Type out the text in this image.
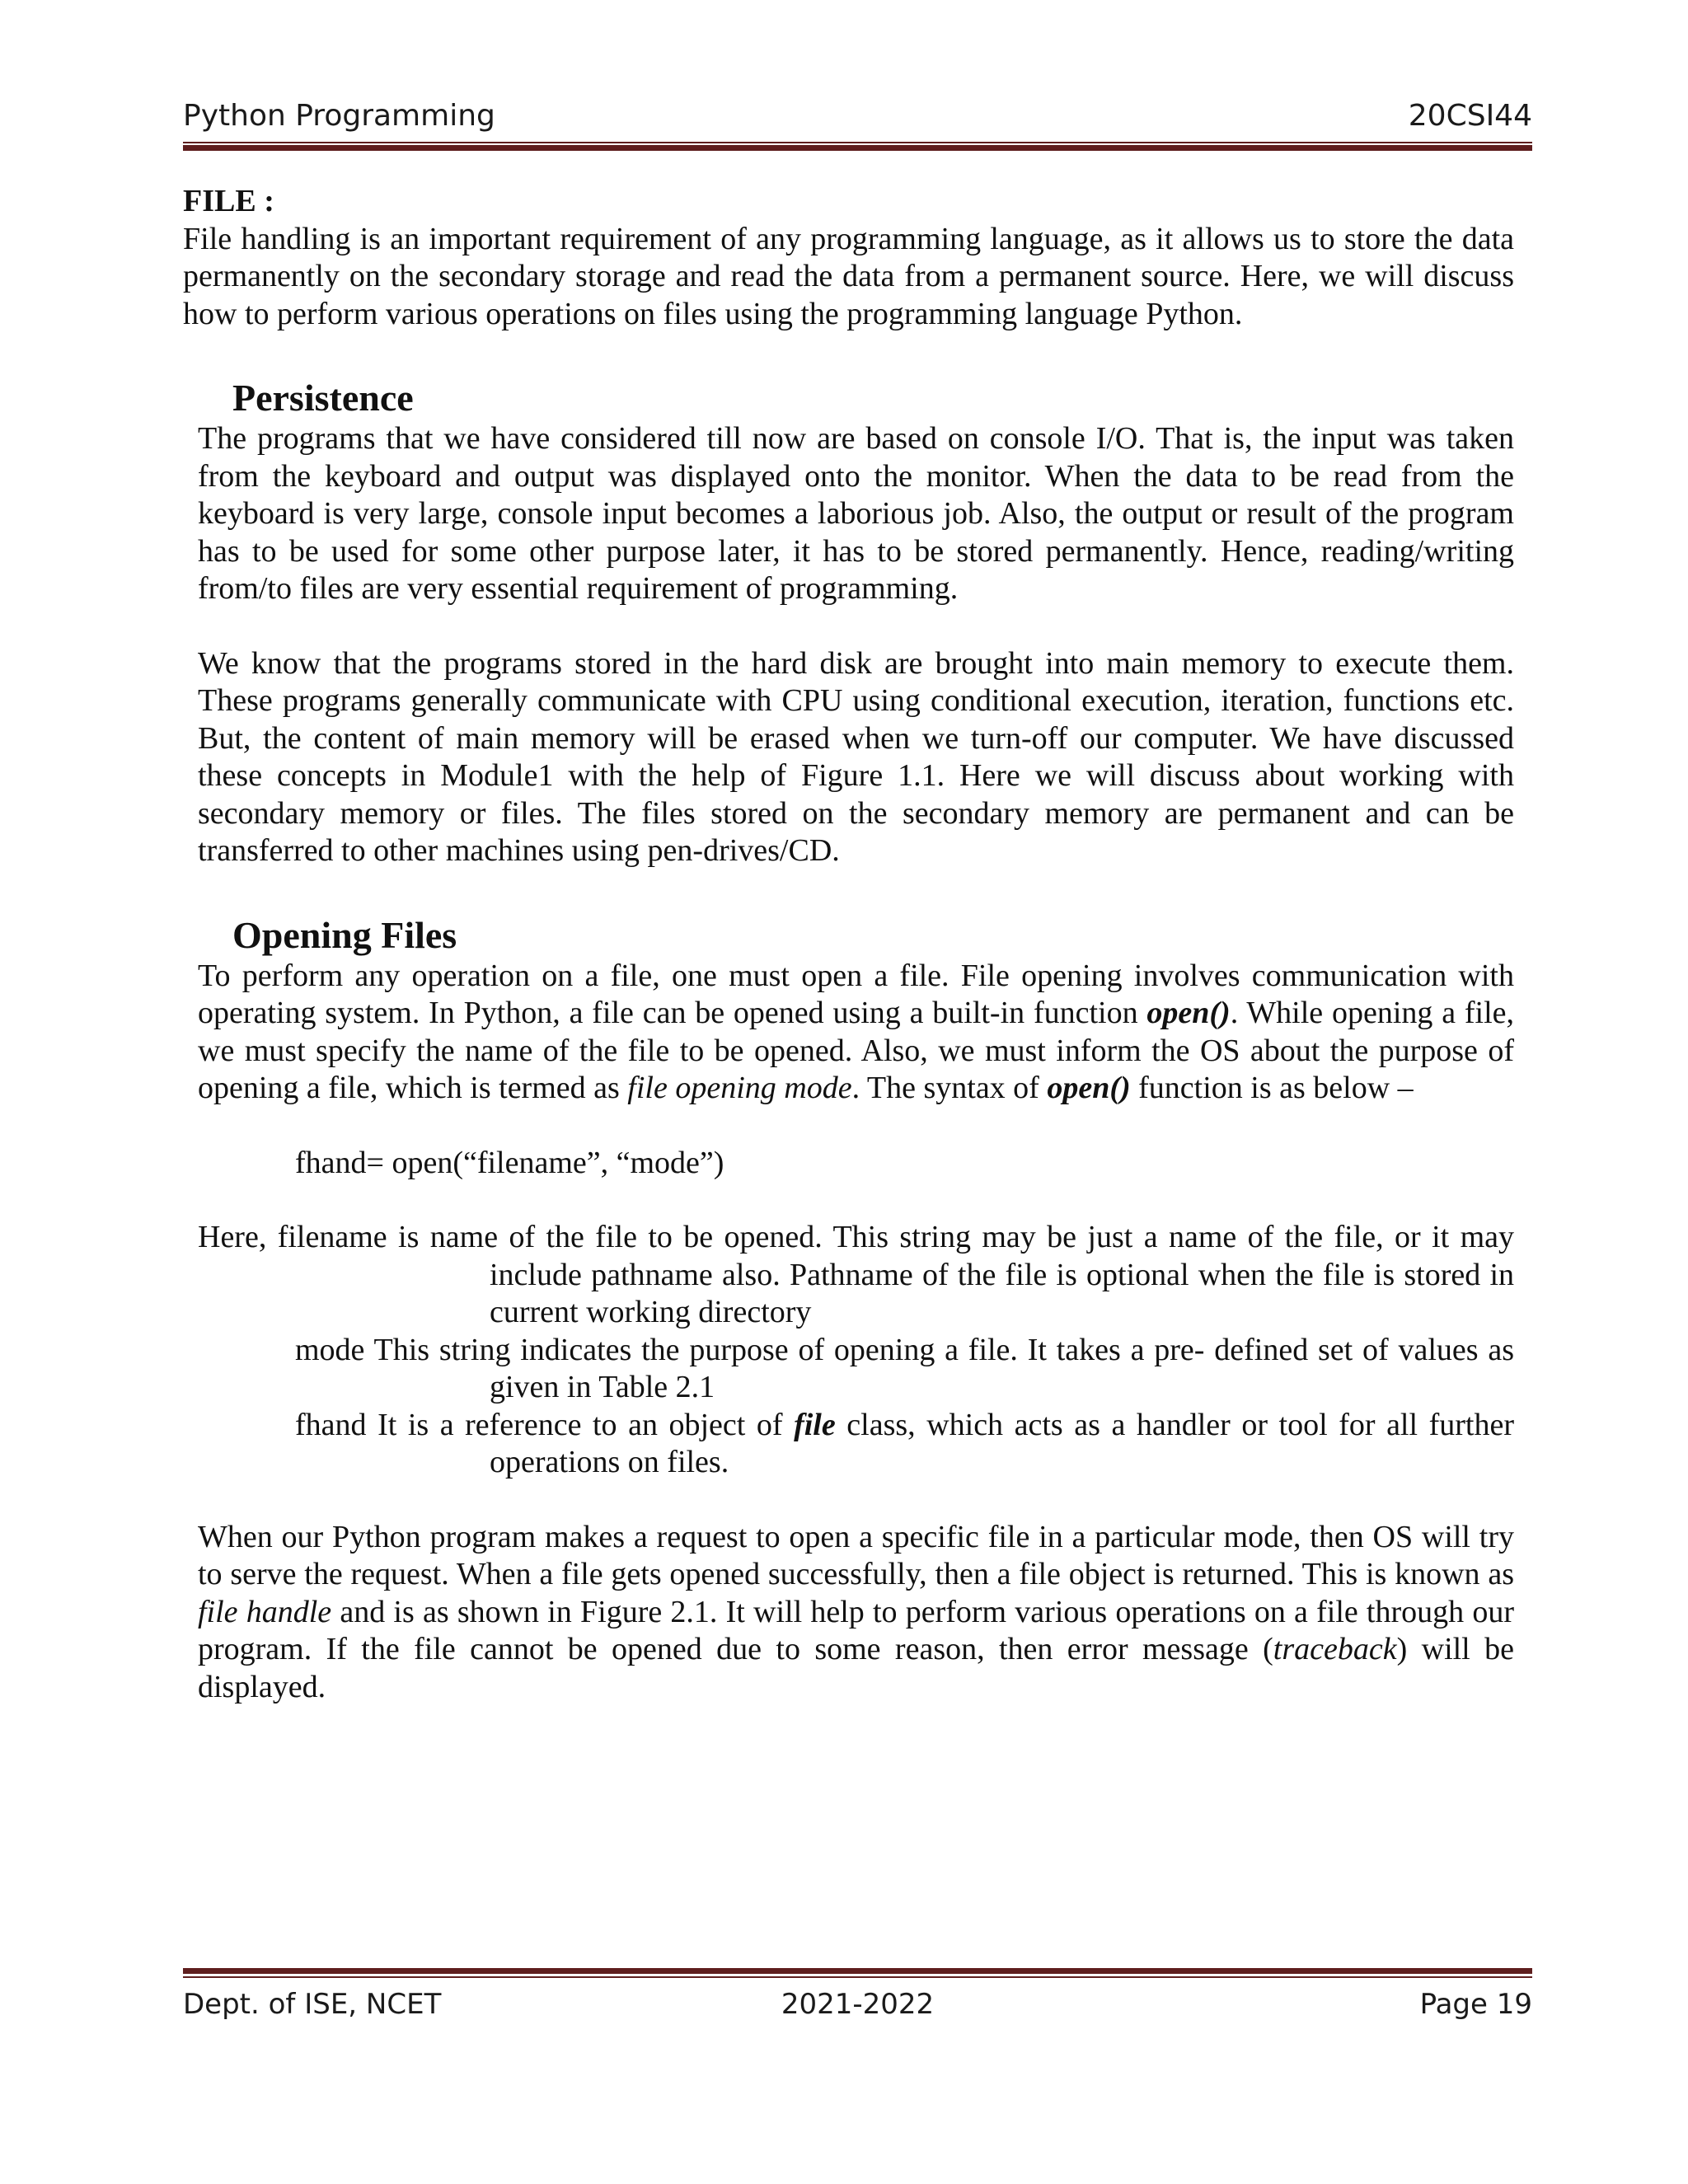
Python Programming	20CSI44

FILE :

File handling is an important requirement of any programming language, as it allows us to store the data permanently on the secondary storage and read the data from a permanent source. Here, we will discuss how to perform various operations on files using the programming language Python.

Persistence

The programs that we have considered till now are based on console I/O. That is, the input was taken from the keyboard and output was displayed onto the monitor. When the data to be read from the keyboard is very large, console input becomes a laborious job. Also, the output or result of the program has to be used for some other purpose later, it has to be stored permanently. Hence, reading/writing from/to files are very essential requirement of programming.

We know that the programs stored in the hard disk are brought into main memory to execute them. These programs generally communicate with CPU using conditional execution, iteration, functions etc. But, the content of main memory will be erased when we turn-off our computer. We have discussed these concepts in Module1 with the help of Figure 1.1. Here we will discuss about working with secondary memory or files. The files stored on the secondary memory are permanent and can be transferred to other machines using pen-drives/CD.

Opening Files

To perform any operation on a file, one must open a file. File opening involves communication with operating system. In Python, a file can be opened using a built-in function open(). While opening a file, we must specify the name of the file to be opened. Also, we must inform the OS about the purpose of opening a file, which is termed as file opening mode. The syntax of open() function is as below –

fhand= open(“filename”, “mode”)

Here, filename is name of the file to be opened. This string may be just a name of the file, or it may include pathname also. Pathname of the file is optional when the file is stored in current working directory

mode This string indicates the purpose of opening a file. It takes a pre- defined set of values as given in Table 2.1

fhand It is a reference to an object of file class, which acts as a handler or tool for all further operations on files.

When our Python program makes a request to open a specific file in a particular mode, then OS will try to serve the request. When a file gets opened successfully, then a file object is returned. This is known as file handle and is as shown in Figure 2.1. It will help to perform various operations on a file through our program. If the file cannot be opened due to some reason, then error message (traceback) will be displayed.

Dept. of ISE, NCET	2021-2022	Page 19
